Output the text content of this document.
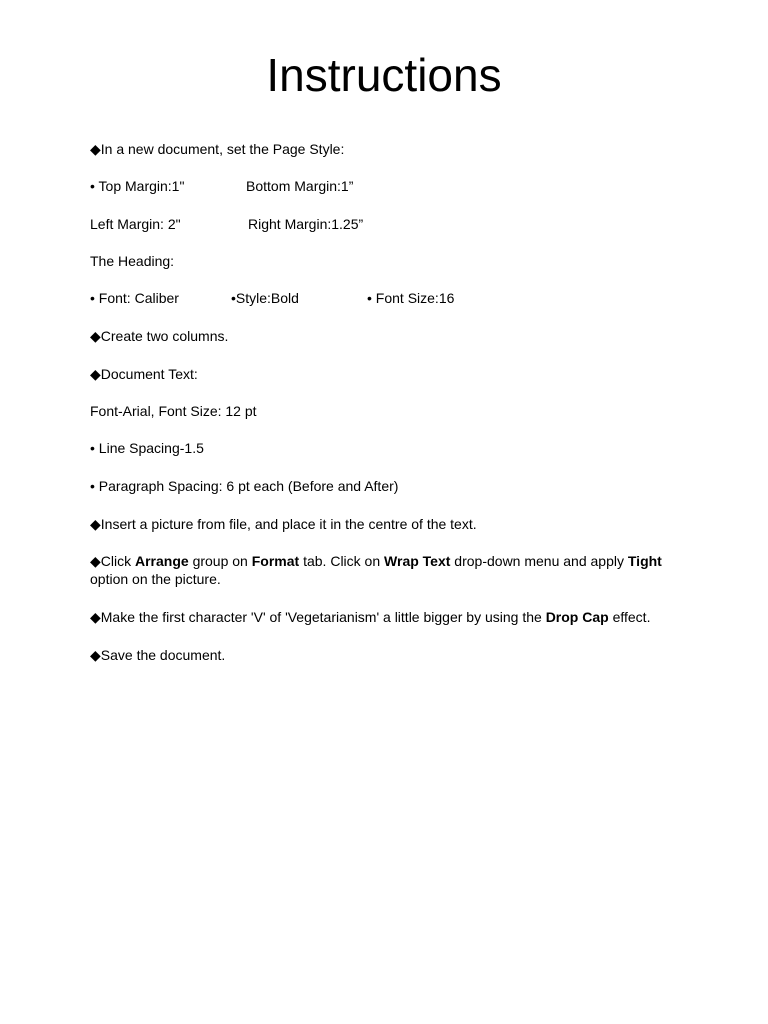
Instructions

◆In a new document, set the Page Style:

• Top Margin:1"	Bottom Margin:1”
Left Margin: 2"	Right Margin:1.25”

The Heading:

• Font: Caliber	•Style:Bold	• Font Size:16

◆Create two columns.

◆Document Text:

Font-Arial, Font Size: 12 pt

• Line Spacing-1.5

• Paragraph Spacing: 6 pt each (Before and After)

◆Insert a picture from file, and place it in the centre of the text.

◆Click Arrange group on Format tab. Click on Wrap Text drop-down menu and apply Tight option on the picture.

◆Make the first character 'V' of 'Vegetarianism' a little bigger by using the Drop Cap effect.

◆Save the document.
